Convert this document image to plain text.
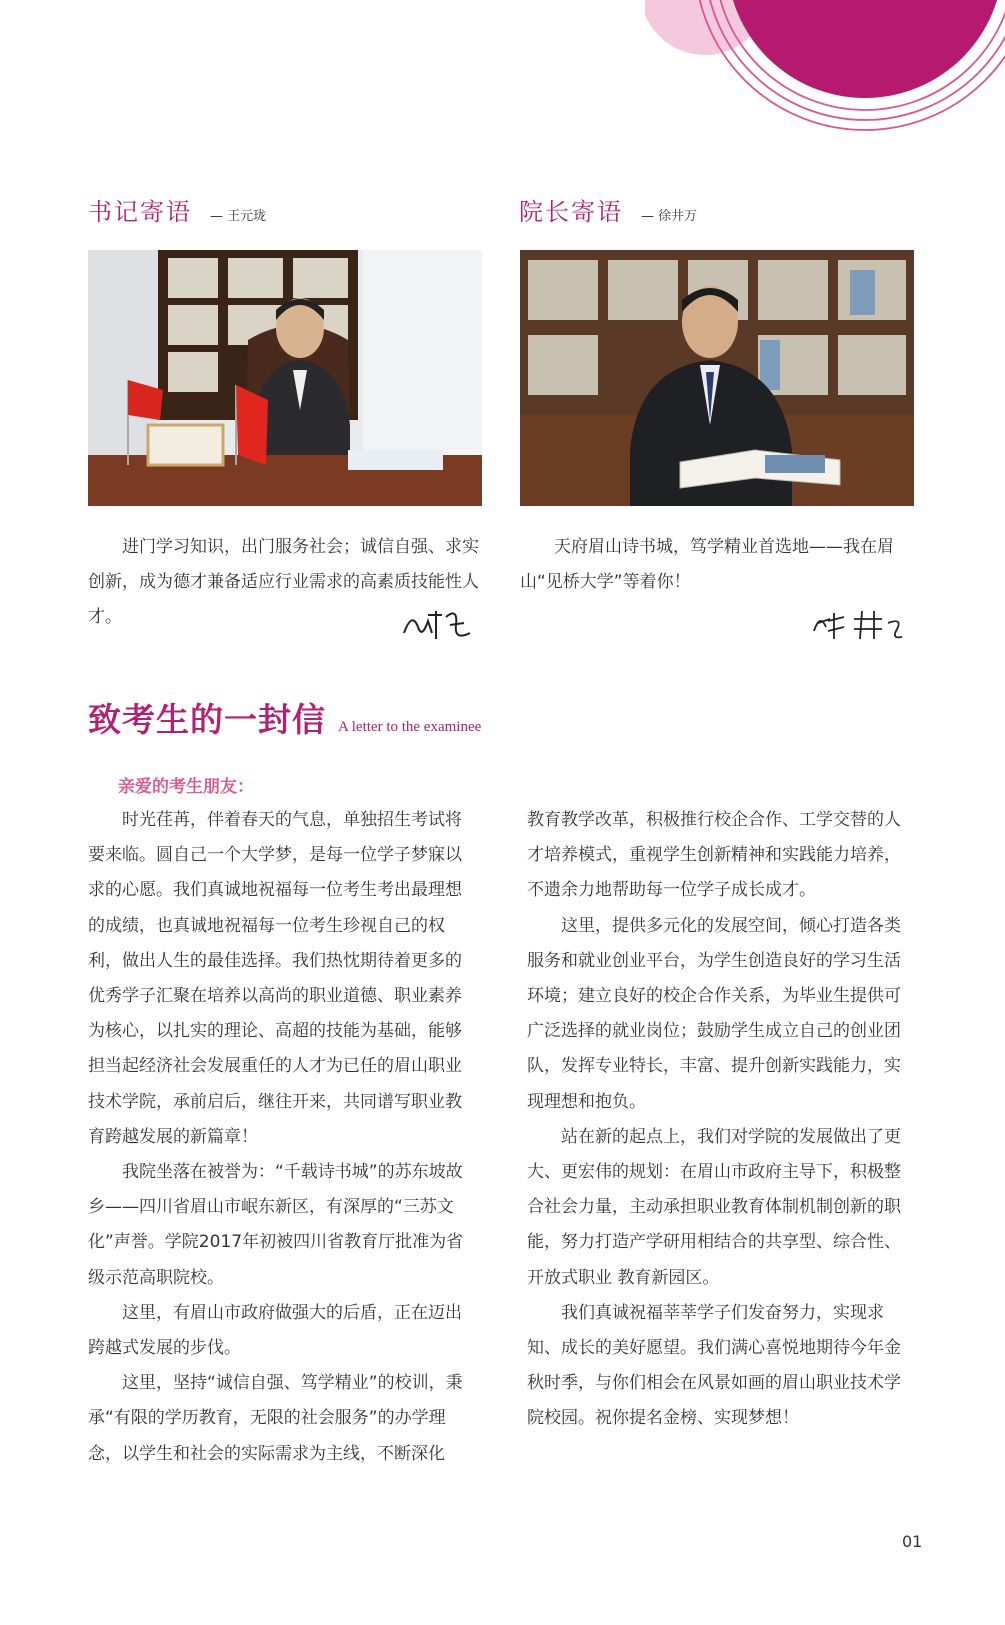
书记寄语 — 王元珑

进门学习知识，出门服务社会；诚信自强、求实创新，成为德才兼备适应行业需求的高素质技能性人才。

院长寄语 — 徐井万

天府眉山诗书城，笃学精业首选地——我在眉山“见桥大学”等着你！

致考生的一封信 A letter to the examinee
亲爱的考生朋友：

时光荏苒，伴着春天的气息，单独招生考试将要来临。圆自己一个大学梦，是每一位学子梦寐以求的心愿。我们真诚地祝福每一位考生考出最理想的成绩，也真诚地祝福每一位考生珍视自己的权利，做出人生的最佳选择。我们热忱期待着更多的优秀学子汇聚在培养以高尚的职业道德、职业素养为核心，以扎实的理论、高超的技能为基础，能够担当起经济社会发展重任的人才为已任的眉山职业技术学院，承前启后，继往开来，共同谱写职业教育跨越发展的新篇章！

我院坐落在被誉为：“千载诗书城”的苏东坡故乡——四川省眉山市岷东新区，有深厚的“三苏文化”声誉。学院2017年初被四川省教育厅批准为省级示范高职院校。

这里，有眉山市政府做强大的后盾，正在迈出跨越式发展的步伐。

这里，坚持“诚信自强、笃学精业”的校训，秉承“有限的学历教育，无限的社会服务”的办学理念，以学生和社会的实际需求为主线，不断深化

教育教学改革，积极推行校企合作、工学交替的人才培养模式，重视学生创新精神和实践能力培养，不遗余力地帮助每一位学子成长成才。

这里，提供多元化的发展空间，倾心打造各类服务和就业创业平台，为学生创造良好的学习生活环境；建立良好的校企合作关系，为毕业生提供可广泛选择的就业岗位；鼓励学生成立自己的创业团队，发挥专业特长，丰富、提升创新实践能力，实现理想和抱负。

站在新的起点上，我们对学院的发展做出了更大、更宏伟的规划：在眉山市政府主导下，积极整合社会力量，主动承担职业教育体制机制创新的职能，努力打造产学研用相结合的共享型、综合性、开放式职业 教育新园区。

我们真诚祝福莘莘学子们发奋努力，实现求知、成长的美好愿望。我们满心喜悦地期待今年金秋时季，与你们相会在风景如画的眉山职业技术学院校园。祝你提名金榜、实现梦想！

01
